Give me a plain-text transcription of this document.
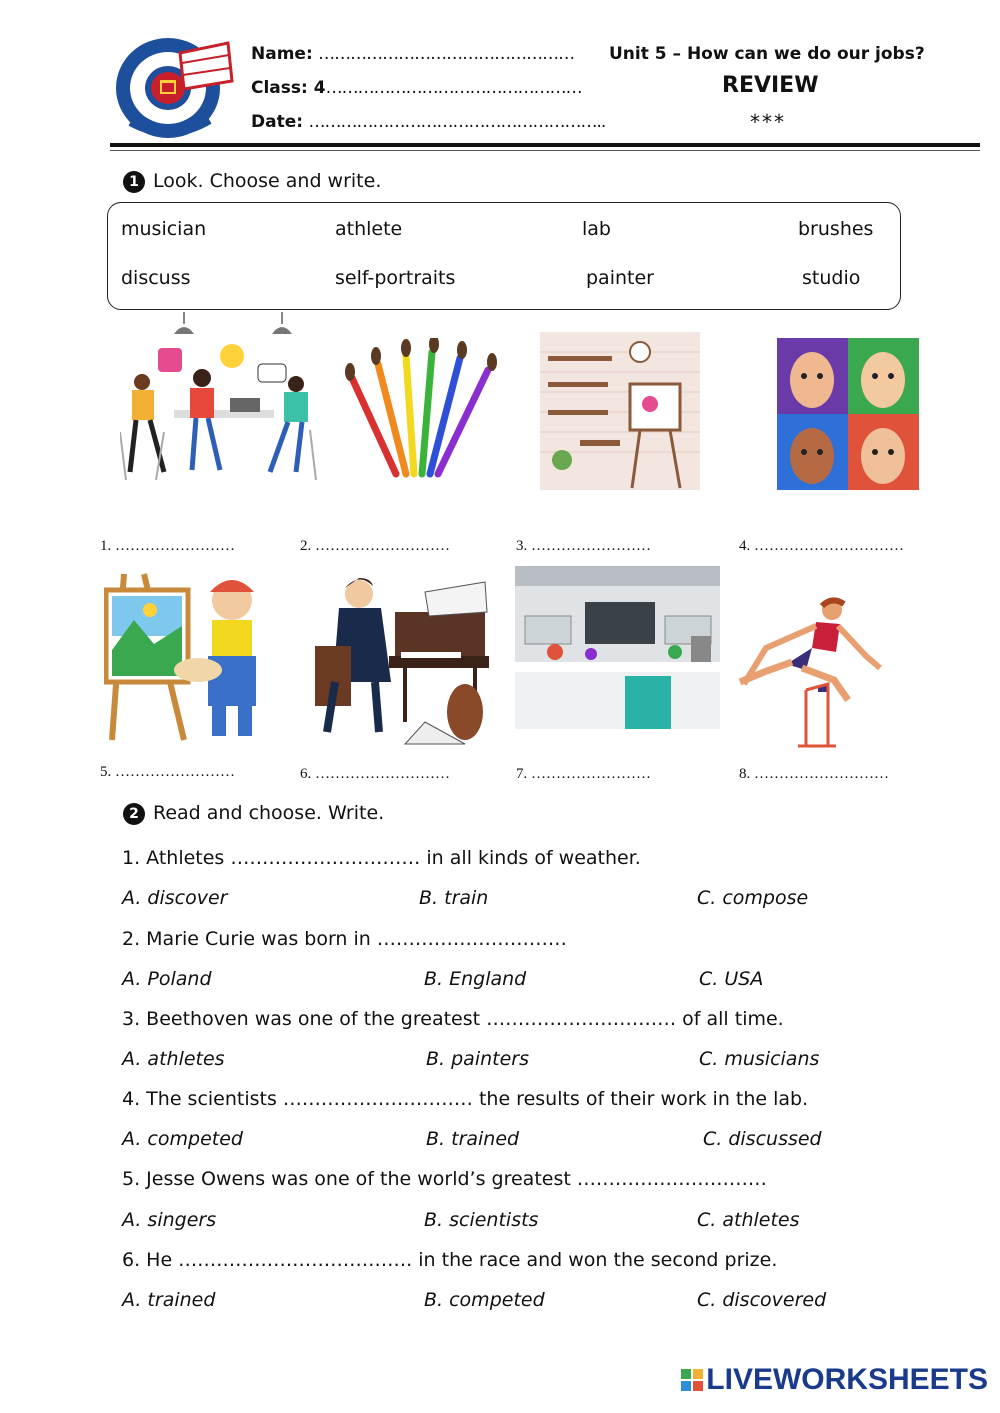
Name: …………………………………………
Class: 4…………………………………………
Date: ………………………………………………..
Unit 5 – How can we do our jobs?
REVIEW
***
1 Look. Choose and write.
musician	athlete	lab	brushes
discuss	self-portraits	painter	studio
1. ……………………	2. ………………………	3. ……………………	4. …………………………
5. ……………………	6. ………………………	7. ……………………	8. ………………………
2 Read and choose. Write.
1. Athletes ………………………… in all kinds of weather.
A. discover	B. train	C. compose
2. Marie Curie was born in …………………………
A. Poland	B. England	C. USA
3. Beethoven was one of the greatest ………………………… of all time.
A. athletes	B. painters	C. musicians
4. The scientists ………………………… the results of their work in the lab.
A. competed	B. trained	C. discussed
5. Jesse Owens was one of the world’s greatest …………………………
A. singers	B. scientists	C. athletes
6. He ………………………………. in the race and won the second prize.
A. trained	B. competed	C. discovered
LIVEWORKSHEETS
